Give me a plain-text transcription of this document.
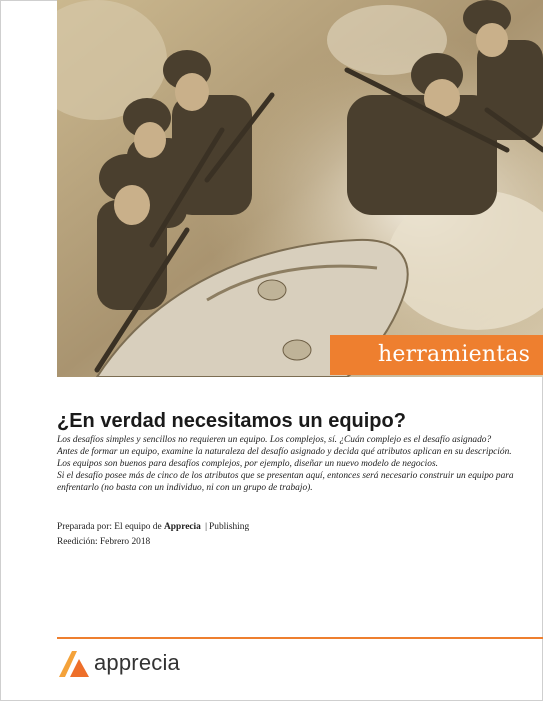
herramientas
¿En verdad necesitamos un equipo?

Los desafíos simples y sencillos no requieren un equipo. Los complejos, sí. ¿Cuán complejo es el desafío asignado?

Antes de formar un equipo, examine la naturaleza del desafío asignado y decida qué atributos aplican en su descripción.

Los equipos son buenos para desafíos complejos, por ejemplo, diseñar un nuevo modelo de negocios.

Si el desafío posee más de cinco de los atributos que se presentan aquí, entonces será necesario construir un equipo para

enfrentarlo (no basta con un individuo, ni con un grupo de trabajo).

Preparada por: El equipo de Apprecia | Publishing
Reedición: Febrero 2018
apprecia
